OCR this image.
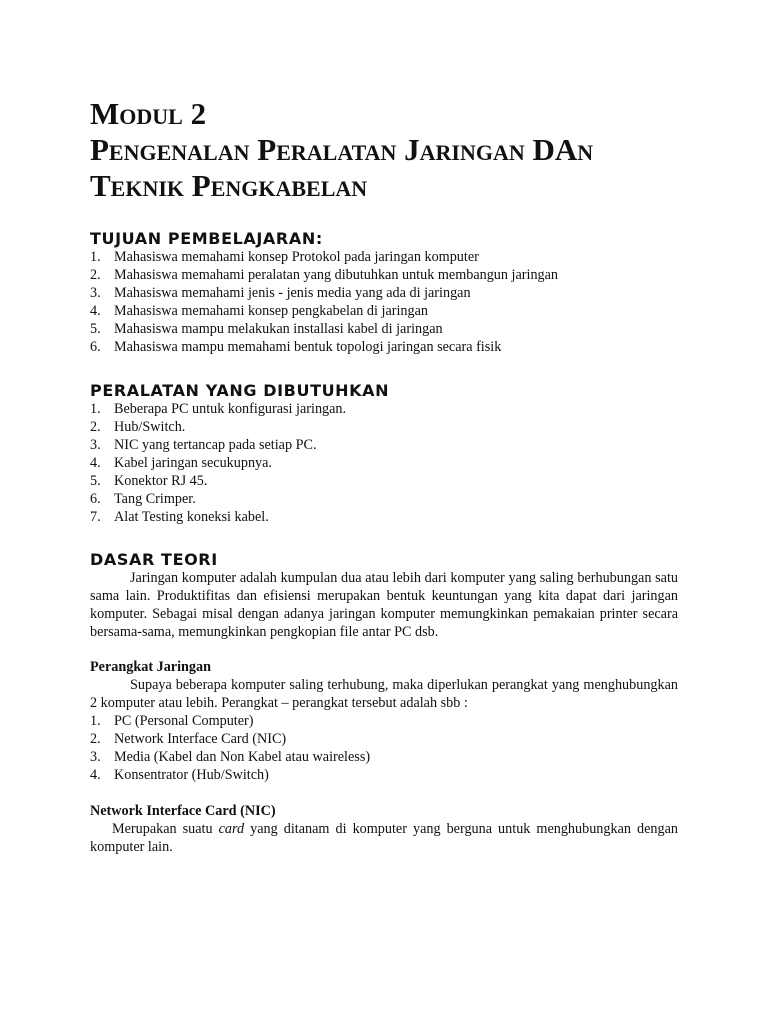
Modul 2
Pengenalan Peralatan Jaringan DAn
Teknik Pengkabelan
TUJUAN PEMBELAJARAN:
1. Mahasiswa memahami konsep Protokol pada jaringan komputer
2. Mahasiswa memahami peralatan yang dibutuhkan untuk membangun jaringan
3. Mahasiswa memahami jenis - jenis media yang ada di jaringan
4. Mahasiswa memahami konsep pengkabelan di jaringan
5. Mahasiswa mampu melakukan installasi kabel di jaringan
6. Mahasiswa mampu memahami bentuk topologi jaringan secara fisik
PERALATAN YANG DIBUTUHKAN
1. Beberapa PC untuk konfigurasi jaringan.
2. Hub/Switch.
3. NIC yang tertancap pada setiap PC.
4. Kabel jaringan secukupnya.
5. Konektor RJ 45.
6. Tang Crimper.
7. Alat Testing koneksi kabel.
DASAR TEORI

Jaringan komputer adalah kumpulan dua atau lebih dari komputer yang saling berhubungan satu sama lain. Produktifitas dan efisiensi merupakan bentuk keuntungan yang kita dapat dari jaringan komputer. Sebagai misal dengan adanya jaringan komputer memungkinkan pemakaian printer secara bersama-sama, memungkinkan pengkopian file antar PC dsb.

Perangkat Jaringan

Supaya beberapa komputer saling terhubung, maka diperlukan perangkat yang menghubungkan 2 komputer atau lebih. Perangkat – perangkat tersebut adalah sbb :

1. PC (Personal Computer)
2. Network Interface Card (NIC)
3. Media (Kabel dan Non Kabel atau waireless)
4. Konsentrator (Hub/Switch)
Network Interface Card (NIC)

Merupakan suatu card yang ditanam di komputer yang berguna untuk menghubungkan dengan komputer lain.
